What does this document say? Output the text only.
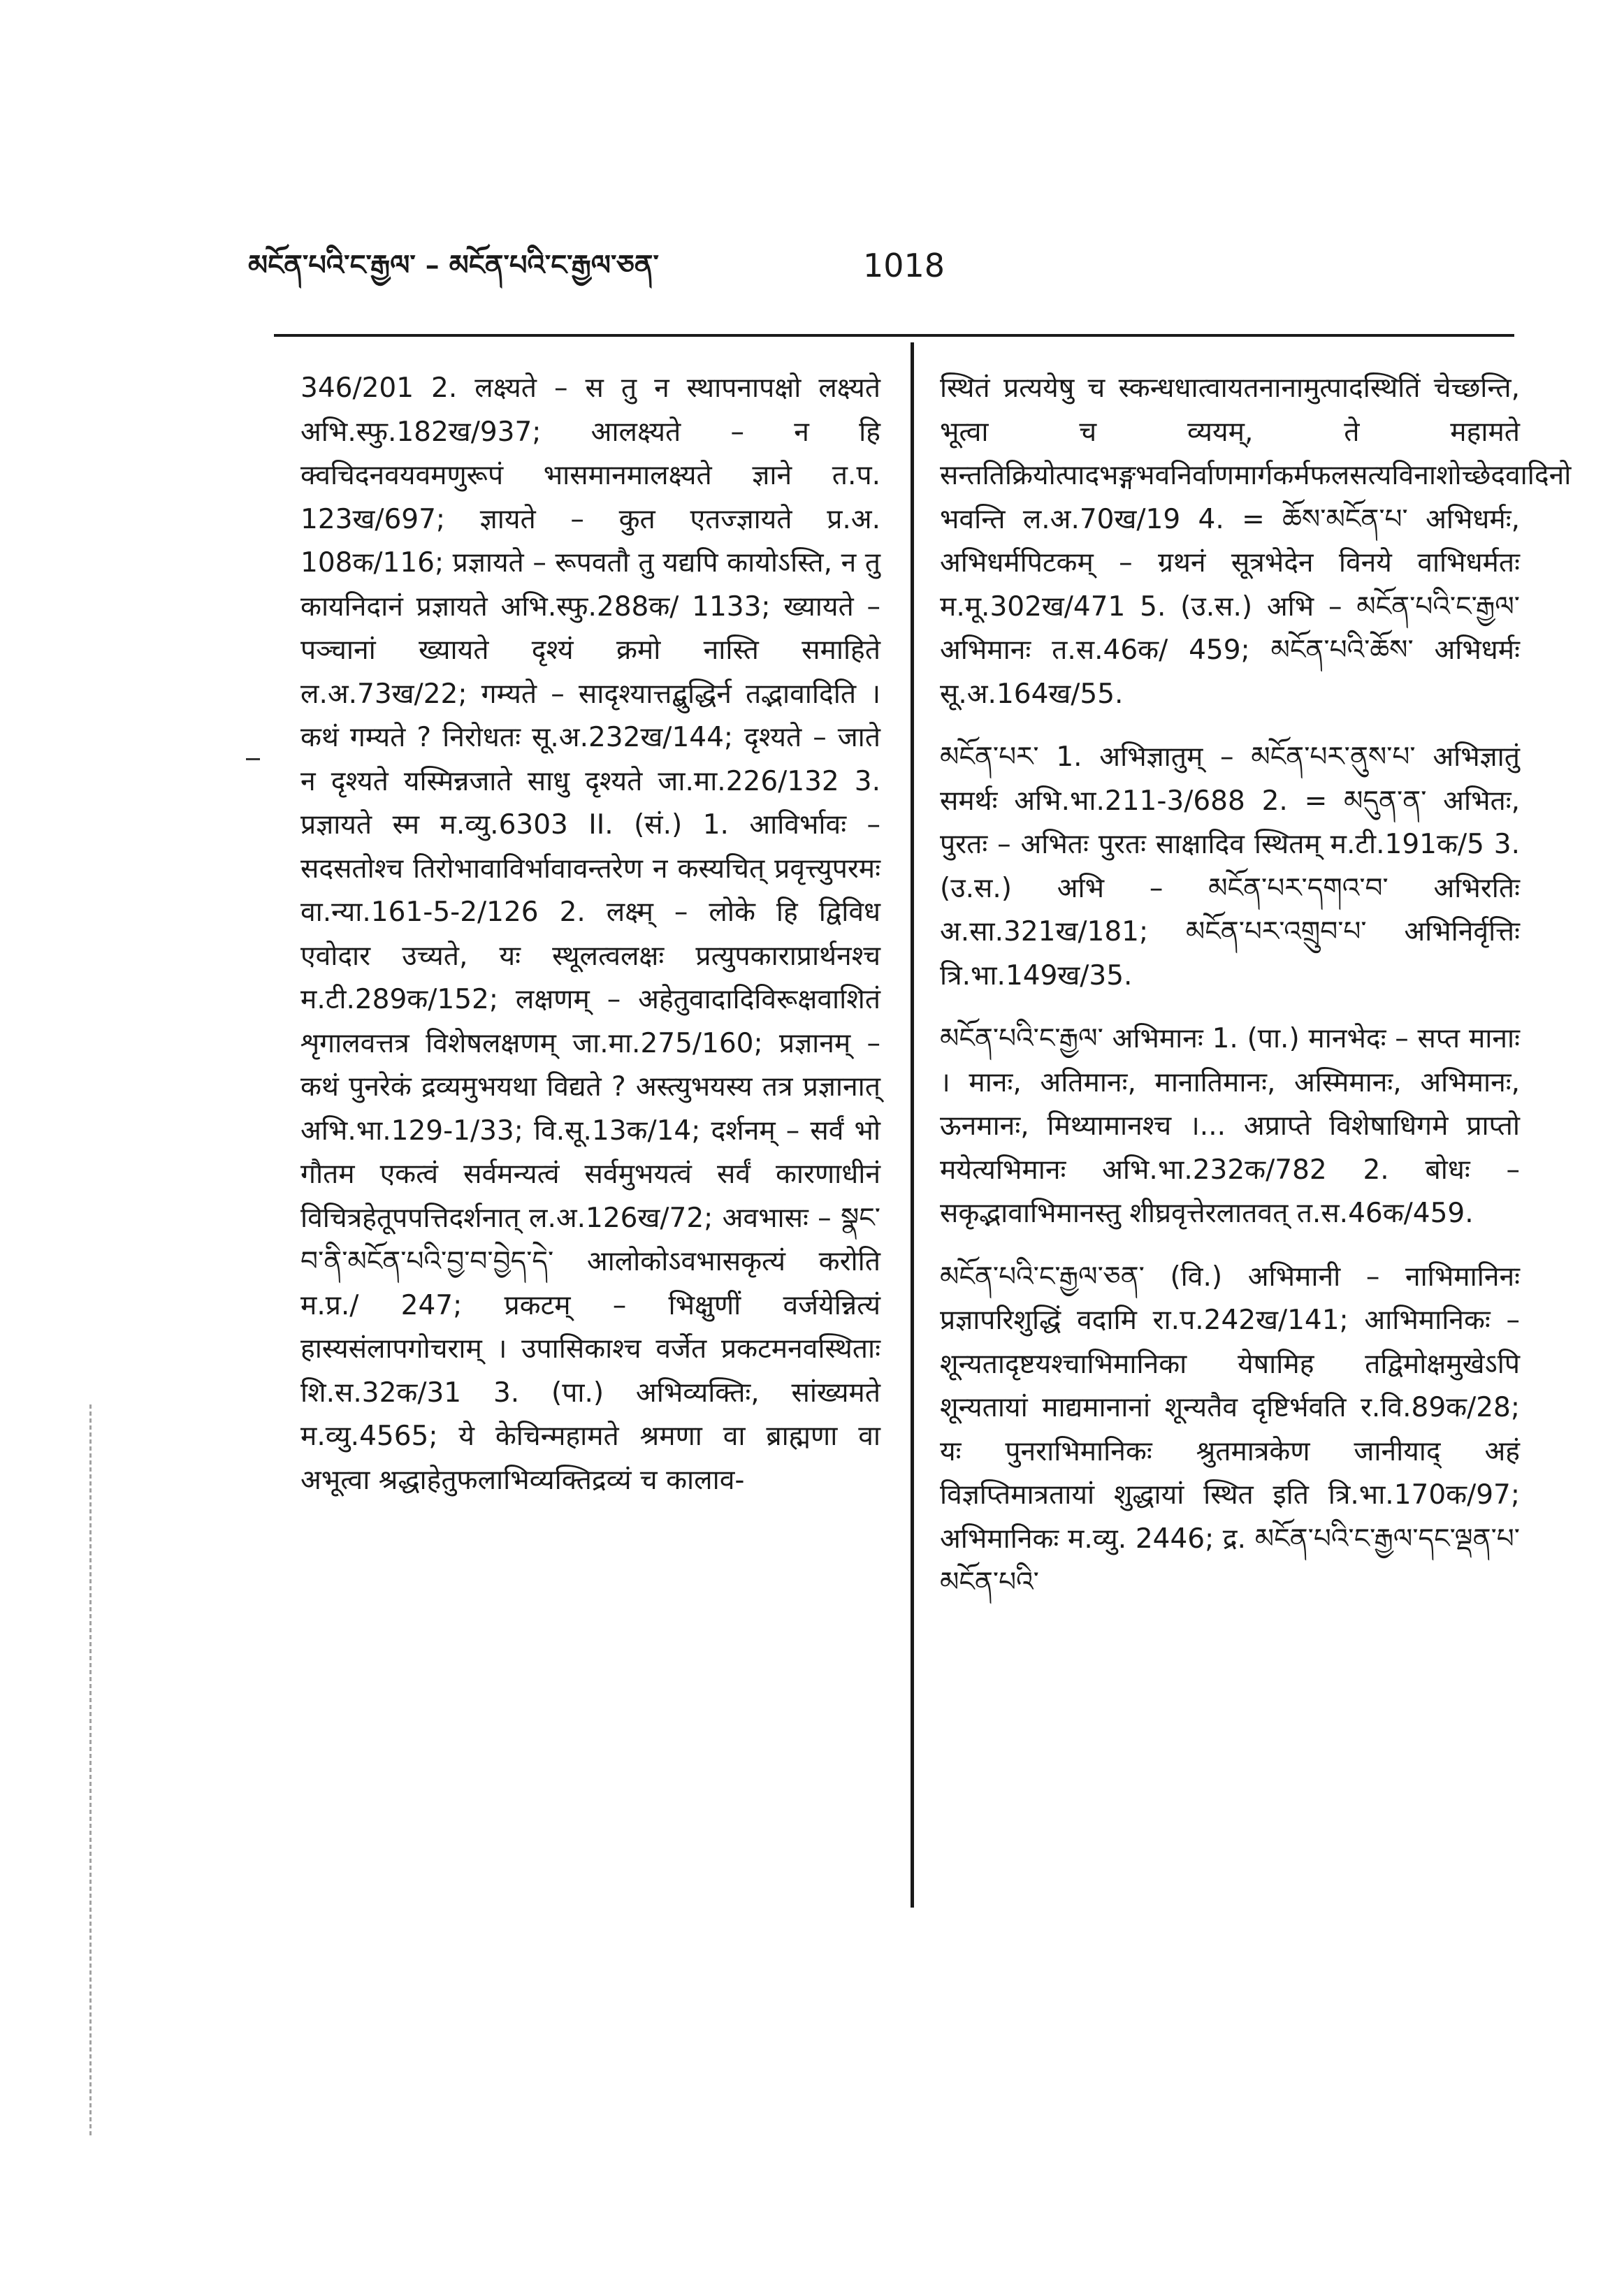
མངོན་པའི་ང་རྒྱལ་ – མངོན་པའི་ང་རྒྱལ་ཅན་	1018

346/201 2. लक्ष्यते – स तु न स्थापनापक्षो लक्ष्यते अभि.स्फु.182ख/937; आलक्ष्यते – न हि क्वचिदनवयवमणुरूपं भासमानमालक्ष्यते ज्ञाने त.प. 123ख/697; ज्ञायते – कुत एतज्ज्ञायते प्र.अ. 108क/116; प्रज्ञायते – रूपवतौ तु यद्यपि कायोऽस्ति, न तु कायनिदानं प्रज्ञायते अभि.स्फु.288क/ 1133; ख्यायते – पञ्चानां ख्यायते दृश्यं क्रमो नास्ति समाहिते ल.अ.73ख/22; गम्यते – सादृश्यात्तद्बुद्धिर्न तद्भावादिति । कथं गम्यते ? निरोधतः सू.अ.232ख/144; दृश्यते – जाते न दृश्यते यस्मिन्नजाते साधु दृश्यते जा.मा.226/132 3. प्रज्ञायते स्म म.व्यु.6303 II. (सं.) 1. आविर्भावः – सदसतोश्च तिरोभावाविर्भावावन्तरेण न कस्यचित् प्रवृत्त्युपरमः वा.न्या.161-5-2/126 2. लक्ष्म् – लोके हि द्विविध एवोदार उच्यते, यः स्थूलत्वलक्षः प्रत्युपकाराप्रार्थनश्च म.टी.289क/152; लक्षणम् – अहेतुवादादिविरूक्षवाशितं शृगालवत्तत्र विशेषलक्षणम् जा.मा.275/160; प्रज्ञानम् – कथं पुनरेकं द्रव्यमुभयथा विद्यते ? अस्त्युभयस्य तत्र प्रज्ञानात् अभि.भा.129-1/33; वि.सू.13क/14; दर्शनम् – सर्वं भो गौतम एकत्वं सर्वमन्यत्वं सर्वमुभयत्वं सर्वं कारणाधीनं विचित्रहेतूपपत्तिदर्शनात् ल.अ.126ख/72; अवभासः – སྣང་བ་ནི་མངོན་པའི་བྱ་བ་བྱེད་དེ་ आलोकोऽवभासकृत्यं करोति म.प्र./ 247; प्रकटम् – भिक्षुणीं वर्जयेन्नित्यं हास्यसंलापगोचराम् । उपासिकाश्च वर्जेत प्रकटमनवस्थिताः शि.स.32क/31 3. (पा.) अभिव्यक्तिः, सांख्यमते म.व्यु.4565; ये केचिन्महामते श्रमणा वा ब्राह्मणा वा अभूत्वा श्रद्धाहेतुफलाभिव्यक्तिद्रव्यं च कालाव-

स्थितं प्रत्ययेषु च स्कन्धधात्वायतनानामुत्पादस्थितिं चेच्छन्ति, भूत्वा च व्ययम्, ते महामते सन्ततिक्रियोत्पादभङ्गभवनिर्वाणमार्गकर्मफलसत्यविनाशोच्छेदवादिनो भवन्ति ल.अ.70ख/19 4. = ཆོས་མངོན་པ་ अभिधर्मः, अभिधर्मपिटकम् – ग्रथनं सूत्रभेदेन विनये वाभिधर्मतः म.मू.302ख/471 5. (उ.स.) अभि – མངོན་པའི་ང་རྒྱལ་ अभिमानः त.स.46क/ 459; མངོན་པའི་ཆོས་ अभिधर्मः सू.अ.164ख/55.

མངོན་པར་ 1. अभिज्ञातुम् – མངོན་པར་ནུས་པ་ अभिज्ञातुं समर्थः अभि.भा.211-3/688 2. = མདུན་ན་ अभितः, पुरतः – अभितः पुरतः साक्षादिव स्थितम् म.टी.191क/5 3. (उ.स.) अभि – མངོན་པར་དགའ་བ་ अभिरतिः अ.सा.321ख/181; མངོན་པར་འགྲུབ་པ་ अभिनिर्वृत्तिः त्रि.भा.149ख/35.

མངོན་པའི་ང་རྒྱལ་ अभिमानः 1. (पा.) मानभेदः – सप्त मानाः । मानः, अतिमानः, मानातिमानः, अस्मिमानः, अभिमानः, ऊनमानः, मिथ्यामानश्च ।... अप्राप्ते विशेषाधिगमे प्राप्तो मयेत्यभिमानः अभि.भा.232क/782 2. बोधः – सकृद्भावाभिमानस्तु शीघ्रवृत्तेरलातवत् त.स.46क/459.

མངོན་པའི་ང་རྒྱལ་ཅན་ (वि.) अभिमानी – नाभिमानिनः प्रज्ञापरिशुद्धिं वदामि रा.प.242ख/141; आभिमानिकः – शून्यतादृष्टयश्चाभिमानिका येषामिह तद्विमोक्षमुखेऽपि शून्यतायां माद्यमानानां शून्यतैव दृष्टिर्भवति र.वि.89क/28; यः पुनराभिमानिकः श्रुतमात्रकेण जानीयाद् अहं विज्ञप्तिमात्रतायां शुद्धायां स्थित इति त्रि.भा.170क/97; अभिमानिकः म.व्यु. 2446; द्र. མངོན་པའི་ང་རྒྱལ་དང་ལྡན་པ་ མངོན་པའི་
